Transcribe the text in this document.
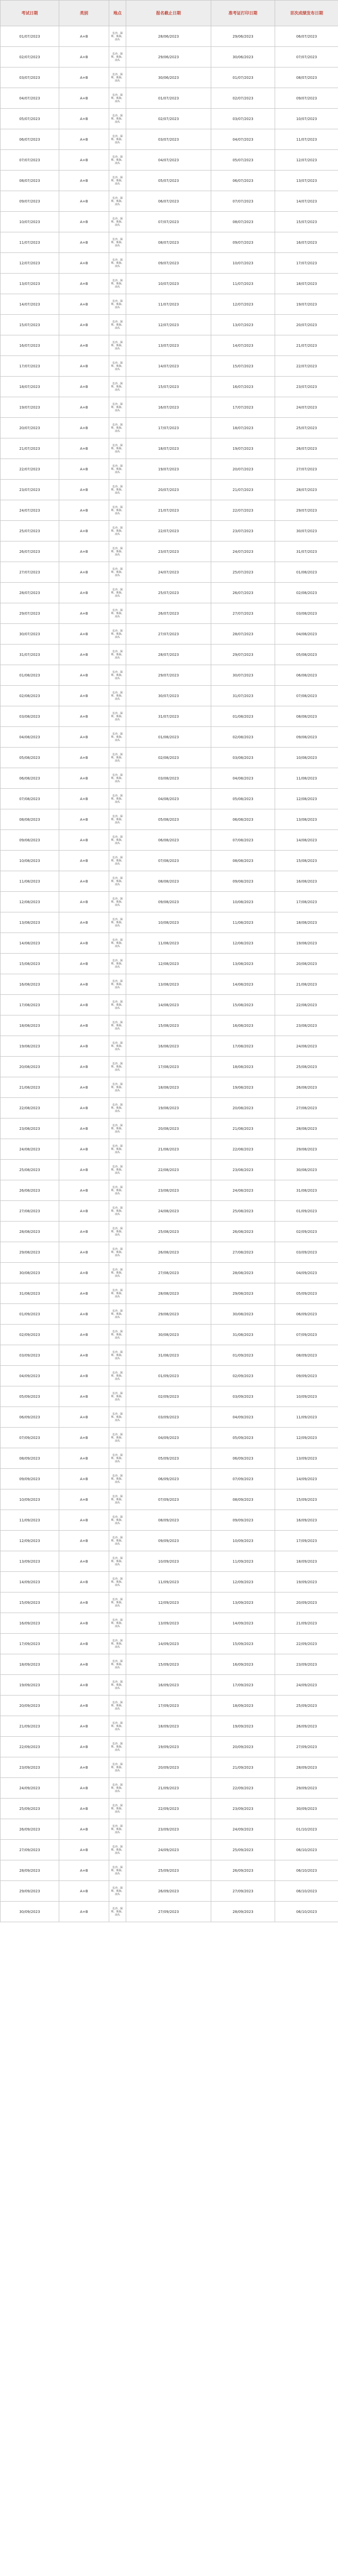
考试日期	类别	地点	报名截止日期	准考证打印日期	首次成绩发布日期
01/07/2023	A+B	长沙、深圳、珠海、汕头	28/06/2023	29/06/2023	06/07/2023
02/07/2023	A+B	长沙、深圳、珠海、汕头	29/06/2023	30/06/2023	07/07/2023
03/07/2023	A+B	长沙、深圳、珠海、汕头	30/06/2023	01/07/2023	08/07/2023
04/07/2023	A+B	长沙、深圳、珠海、汕头	01/07/2023	02/07/2023	09/07/2023
05/07/2023	A+B	长沙、深圳、珠海、汕头	02/07/2023	03/07/2023	10/07/2023
06/07/2023	A+B	长沙、深圳、珠海、汕头	03/07/2023	04/07/2023	11/07/2023
07/07/2023	A+B	长沙、深圳、珠海、汕头	04/07/2023	05/07/2023	12/07/2023
08/07/2023	A+B	长沙、深圳、珠海、汕头	05/07/2023	06/07/2023	13/07/2023
09/07/2023	A+B	长沙、深圳、珠海、汕头	06/07/2023	07/07/2023	14/07/2023
10/07/2023	A+B	长沙、深圳、珠海、汕头	07/07/2023	08/07/2023	15/07/2023
11/07/2023	A+B	长沙、深圳、珠海、汕头	08/07/2023	09/07/2023	16/07/2023
12/07/2023	A+B	长沙、深圳、珠海、汕头	09/07/2023	10/07/2023	17/07/2023
13/07/2023	A+B	长沙、深圳、珠海、汕头	10/07/2023	11/07/2023	18/07/2023
14/07/2023	A+B	长沙、深圳、珠海、汕头	11/07/2023	12/07/2023	19/07/2023
15/07/2023	A+B	长沙、深圳、珠海、汕头	12/07/2023	13/07/2023	20/07/2023
16/07/2023	A+B	长沙、深圳、珠海、汕头	13/07/2023	14/07/2023	21/07/2023
17/07/2023	A+B	长沙、深圳、珠海、汕头	14/07/2023	15/07/2023	22/07/2023
18/07/2023	A+B	长沙、深圳、珠海、汕头	15/07/2023	16/07/2023	23/07/2023
19/07/2023	A+B	长沙、深圳、珠海、汕头	16/07/2023	17/07/2023	24/07/2023
20/07/2023	A+B	长沙、深圳、珠海、汕头	17/07/2023	18/07/2023	25/07/2023
21/07/2023	A+B	长沙、深圳、珠海、汕头	18/07/2023	19/07/2023	26/07/2023
22/07/2023	A+B	长沙、深圳、珠海、汕头	19/07/2023	20/07/2023	27/07/2023
23/07/2023	A+B	长沙、深圳、珠海、汕头	20/07/2023	21/07/2023	28/07/2023
24/07/2023	A+B	长沙、深圳、珠海、汕头	21/07/2023	22/07/2023	29/07/2023
25/07/2023	A+B	长沙、深圳、珠海、汕头	22/07/2023	23/07/2023	30/07/2023
26/07/2023	A+B	长沙、深圳、珠海、汕头	23/07/2023	24/07/2023	31/07/2023
27/07/2023	A+B	长沙、深圳、珠海、汕头	24/07/2023	25/07/2023	01/08/2023
28/07/2023	A+B	长沙、深圳、珠海、汕头	25/07/2023	26/07/2023	02/08/2023
29/07/2023	A+B	长沙、深圳、珠海、汕头	26/07/2023	27/07/2023	03/08/2023
30/07/2023	A+B	长沙、深圳、珠海、汕头	27/07/2023	28/07/2023	04/08/2023
31/07/2023	A+B	长沙、深圳、珠海、汕头	28/07/2023	29/07/2023	05/08/2023
01/08/2023	A+B	长沙、深圳、珠海、汕头	29/07/2023	30/07/2023	06/08/2023
02/08/2023	A+B	长沙、深圳、珠海、汕头	30/07/2023	31/07/2023	07/08/2023
03/08/2023	A+B	长沙、深圳、珠海、汕头	31/07/2023	01/08/2023	08/08/2023
04/08/2023	A+B	长沙、深圳、珠海、汕头	01/08/2023	02/08/2023	09/08/2023
05/08/2023	A+B	长沙、深圳、珠海、汕头	02/08/2023	03/08/2023	10/08/2023
06/08/2023	A+B	长沙、深圳、珠海、汕头	03/08/2023	04/08/2023	11/08/2023
07/08/2023	A+B	长沙、深圳、珠海、汕头	04/08/2023	05/08/2023	12/08/2023
08/08/2023	A+B	长沙、深圳、珠海、汕头	05/08/2023	06/08/2023	13/08/2023
09/08/2023	A+B	长沙、深圳、珠海、汕头	06/08/2023	07/08/2023	14/08/2023
10/08/2023	A+B	长沙、深圳、珠海、汕头	07/08/2023	08/08/2023	15/08/2023
11/08/2023	A+B	长沙、深圳、珠海、汕头	08/08/2023	09/08/2023	16/08/2023
12/08/2023	A+B	长沙、深圳、珠海、汕头	09/08/2023	10/08/2023	17/08/2023
13/08/2023	A+B	长沙、深圳、珠海、汕头	10/08/2023	11/08/2023	18/08/2023
14/08/2023	A+B	长沙、深圳、珠海、汕头	11/08/2023	12/08/2023	19/08/2023
15/08/2023	A+B	长沙、深圳、珠海、汕头	12/08/2023	13/08/2023	20/08/2023
16/08/2023	A+B	长沙、深圳、珠海、汕头	13/08/2023	14/08/2023	21/08/2023
17/08/2023	A+B	长沙、深圳、珠海、汕头	14/08/2023	15/08/2023	22/08/2023
18/08/2023	A+B	长沙、深圳、珠海、汕头	15/08/2023	16/08/2023	23/08/2023
19/08/2023	A+B	长沙、深圳、珠海、汕头	16/08/2023	17/08/2023	24/08/2023
20/08/2023	A+B	长沙、深圳、珠海、汕头	17/08/2023	18/08/2023	25/08/2023
21/08/2023	A+B	长沙、深圳、珠海、汕头	18/08/2023	19/08/2023	26/08/2023
22/08/2023	A+B	长沙、深圳、珠海、汕头	19/08/2023	20/08/2023	27/08/2023
23/08/2023	A+B	长沙、深圳、珠海、汕头	20/08/2023	21/08/2023	28/08/2023
24/08/2023	A+B	长沙、深圳、珠海、汕头	21/08/2023	22/08/2023	29/08/2023
25/08/2023	A+B	长沙、深圳、珠海、汕头	22/08/2023	23/08/2023	30/08/2023
26/08/2023	A+B	长沙、深圳、珠海、汕头	23/08/2023	24/08/2023	31/08/2023
27/08/2023	A+B	长沙、深圳、珠海、汕头	24/08/2023	25/08/2023	01/09/2023
28/08/2023	A+B	长沙、深圳、珠海、汕头	25/08/2023	26/08/2023	02/09/2023
29/08/2023	A+B	长沙、深圳、珠海、汕头	26/08/2023	27/08/2023	03/09/2023
30/08/2023	A+B	长沙、深圳、珠海、汕头	27/08/2023	28/08/2023	04/09/2023
31/08/2023	A+B	长沙、深圳、珠海、汕头	28/08/2023	29/08/2023	05/09/2023
01/09/2023	A+B	长沙、深圳、珠海、汕头	29/08/2023	30/08/2023	06/09/2023
02/09/2023	A+B	长沙、深圳、珠海、汕头	30/08/2023	31/08/2023	07/09/2023
03/09/2023	A+B	长沙、深圳、珠海、汕头	31/08/2023	01/09/2023	08/09/2023
04/09/2023	A+B	长沙、深圳、珠海、汕头	01/09/2023	02/09/2023	09/09/2023
05/09/2023	A+B	长沙、深圳、珠海、汕头	02/09/2023	03/09/2023	10/09/2023
06/09/2023	A+B	长沙、深圳、珠海、汕头	03/09/2023	04/09/2023	11/09/2023
07/09/2023	A+B	长沙、深圳、珠海、汕头	04/09/2023	05/09/2023	12/09/2023
08/09/2023	A+B	长沙、深圳、珠海、汕头	05/09/2023	06/09/2023	13/09/2023
09/09/2023	A+B	长沙、深圳、珠海、汕头	06/09/2023	07/09/2023	14/09/2023
10/09/2023	A+B	长沙、深圳、珠海、汕头	07/09/2023	08/09/2023	15/09/2023
11/09/2023	A+B	长沙、深圳、珠海、汕头	08/09/2023	09/09/2023	16/09/2023
12/09/2023	A+B	长沙、深圳、珠海、汕头	09/09/2023	10/09/2023	17/09/2023
13/09/2023	A+B	长沙、深圳、珠海、汕头	10/09/2023	11/09/2023	18/09/2023
14/09/2023	A+B	长沙、深圳、珠海、汕头	11/09/2023	12/09/2023	19/09/2023
15/09/2023	A+B	长沙、深圳、珠海、汕头	12/09/2023	13/09/2023	20/09/2023
16/09/2023	A+B	长沙、深圳、珠海、汕头	13/09/2023	14/09/2023	21/09/2023
17/09/2023	A+B	长沙、深圳、珠海、汕头	14/09/2023	15/09/2023	22/09/2023
18/09/2023	A+B	长沙、深圳、珠海、汕头	15/09/2023	16/09/2023	23/09/2023
19/09/2023	A+B	长沙、深圳、珠海、汕头	16/09/2023	17/09/2023	24/09/2023
20/09/2023	A+B	长沙、深圳、珠海、汕头	17/09/2023	18/09/2023	25/09/2023
21/09/2023	A+B	长沙、深圳、珠海、汕头	18/09/2023	19/09/2023	26/09/2023
22/09/2023	A+B	长沙、深圳、珠海、汕头	19/09/2023	20/09/2023	27/09/2023
23/09/2023	A+B	长沙、深圳、珠海、汕头	20/09/2023	21/09/2023	28/09/2023
24/09/2023	A+B	长沙、深圳、珠海、汕头	21/09/2023	22/09/2023	29/09/2023
25/09/2023	A+B	长沙、深圳、珠海、汕头	22/09/2023	23/09/2023	30/09/2023
26/09/2023	A+B	长沙、深圳、珠海、汕头	23/09/2023	24/09/2023	01/10/2023
27/09/2023	A+B	长沙、深圳、珠海、汕头	24/09/2023	25/09/2023	06/10/2023
28/09/2023	A+B	长沙、深圳、珠海、汕头	25/09/2023	26/09/2023	06/10/2023
29/09/2023	A+B	长沙、深圳、珠海、汕头	26/09/2023	27/09/2023	06/10/2023
30/09/2023	A+B	长沙、深圳、珠海、汕头	27/09/2023	28/09/2023	06/10/2023
